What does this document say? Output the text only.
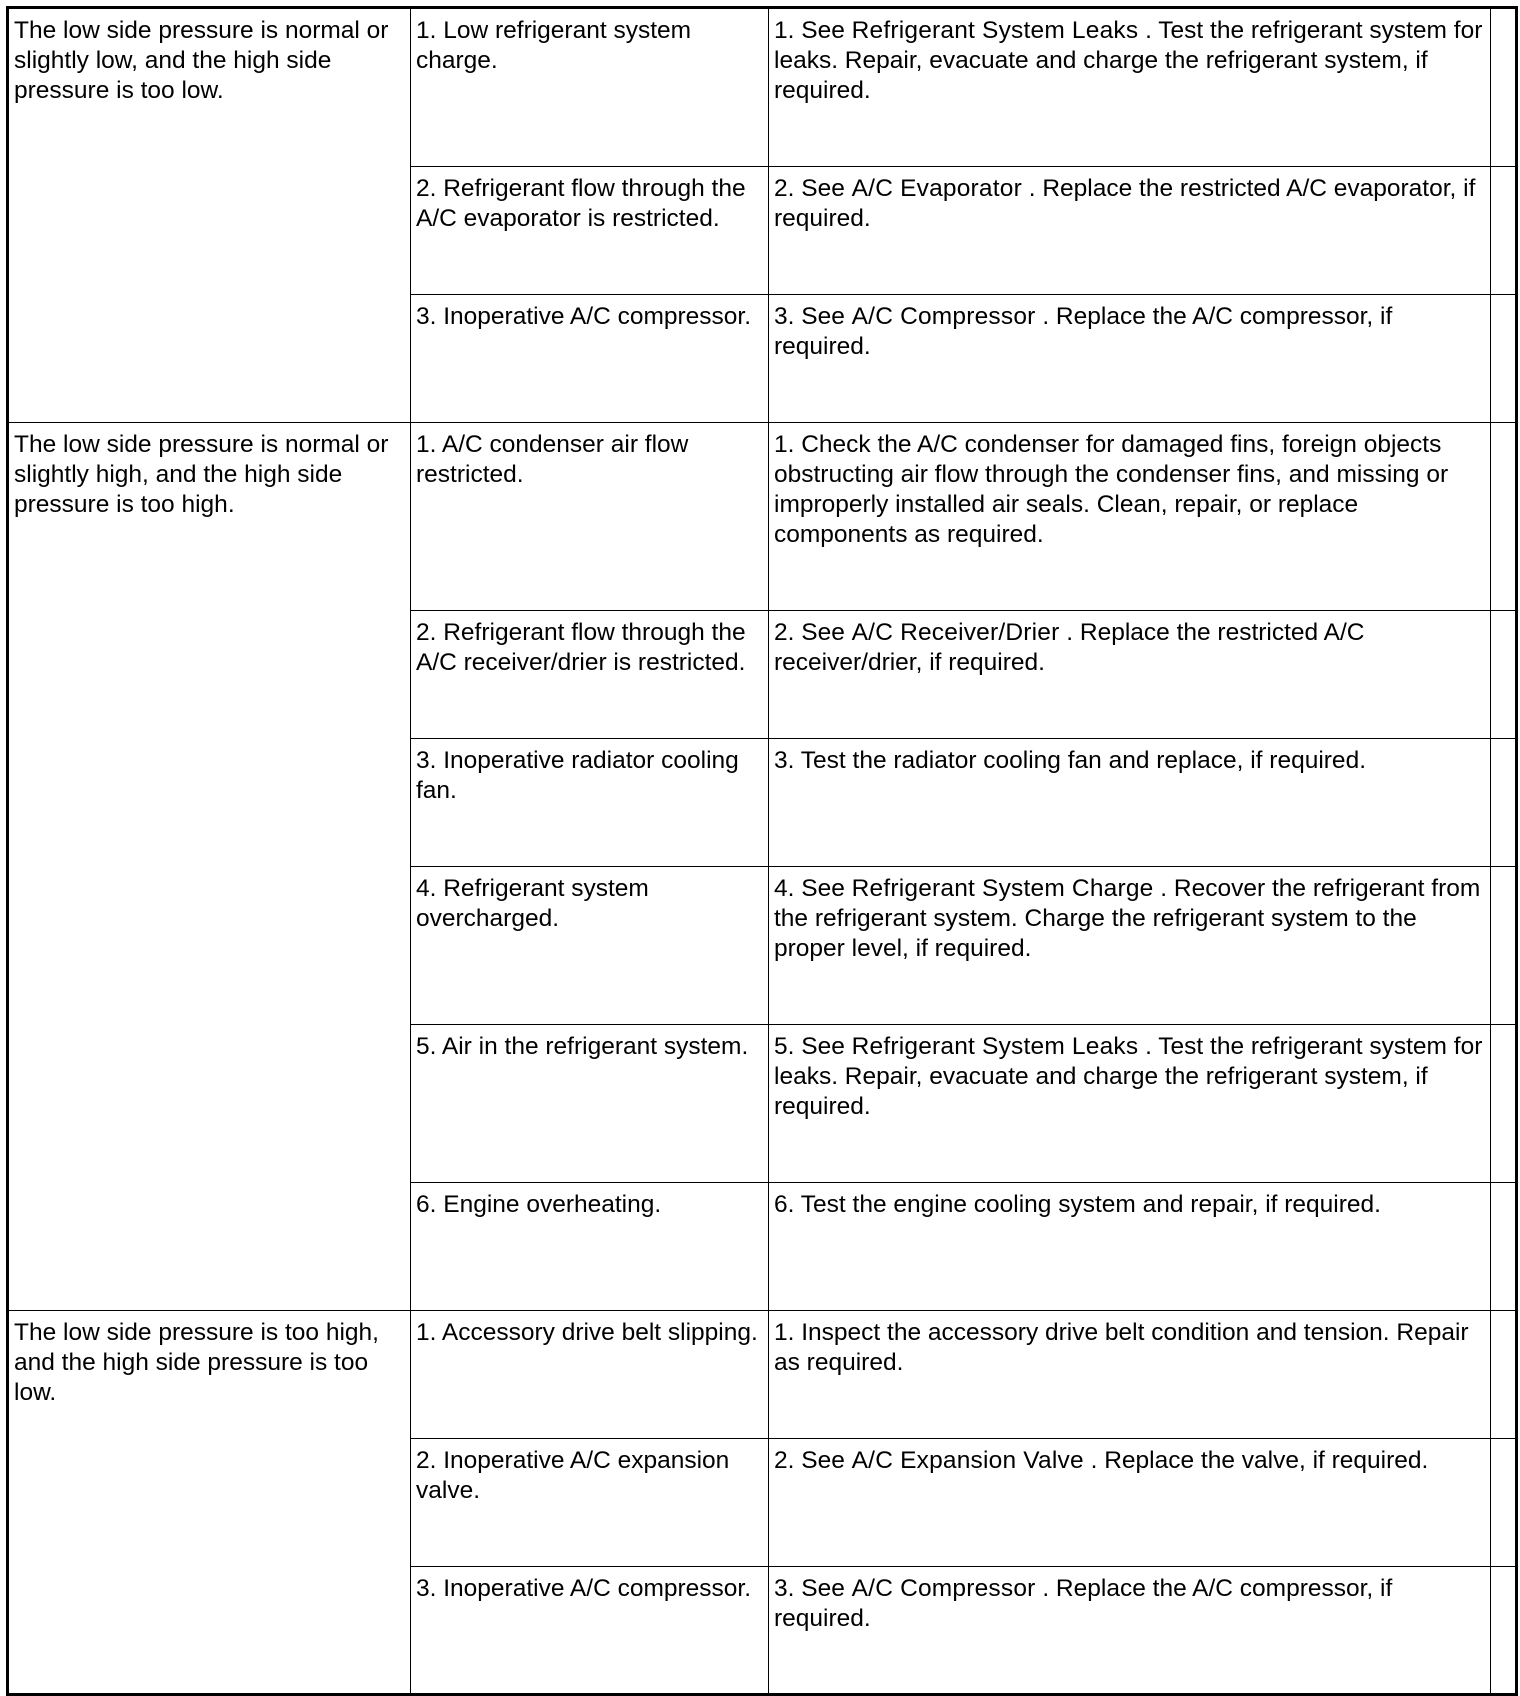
The low side pressure is normal or slightly low, and the high side pressure is too low.	1. Low refrigerant system charge.	1. See Refrigerant System Leaks . Test the refrigerant system for leaks. Repair, evacuate and charge the refrigerant system, if required.	
	2. Refrigerant flow through the A/C evaporator is restricted.	2. See A/C Evaporator . Replace the restricted A/C evaporator, if required.	
	3. Inoperative A/C compressor.	3. See A/C Compressor . Replace the A/C compressor, if required.	
The low side pressure is normal or slightly high, and the high side pressure is too high.	1. A/C condenser air flow restricted.	1. Check the A/C condenser for damaged fins, foreign objects obstructing air flow through the condenser fins, and missing or improperly installed air seals. Clean, repair, or replace components as required.	
	2. Refrigerant flow through the A/C receiver/drier is restricted.	2. See A/C Receiver/Drier . Replace the restricted A/C receiver/drier, if required.	
	3. Inoperative radiator cooling fan.	3. Test the radiator cooling fan and replace, if required.	
	4. Refrigerant system overcharged.	4. See Refrigerant System Charge . Recover the refrigerant from the refrigerant system. Charge the refrigerant system to the proper level, if required.	
	5. Air in the refrigerant system.	5. See Refrigerant System Leaks . Test the refrigerant system for leaks. Repair, evacuate and charge the refrigerant system, if required.	
	6. Engine overheating.	6. Test the engine cooling system and repair, if required.	
The low side pressure is too high, and the high side pressure is too low.	1. Accessory drive belt slipping.	1. Inspect the accessory drive belt condition and tension. Repair as required.	
	2. Inoperative A/C expansion valve.	2. See A/C Expansion Valve . Replace the valve, if required.	
	3. Inoperative A/C compressor.	3. See A/C Compressor . Replace the A/C compressor, if required.	
